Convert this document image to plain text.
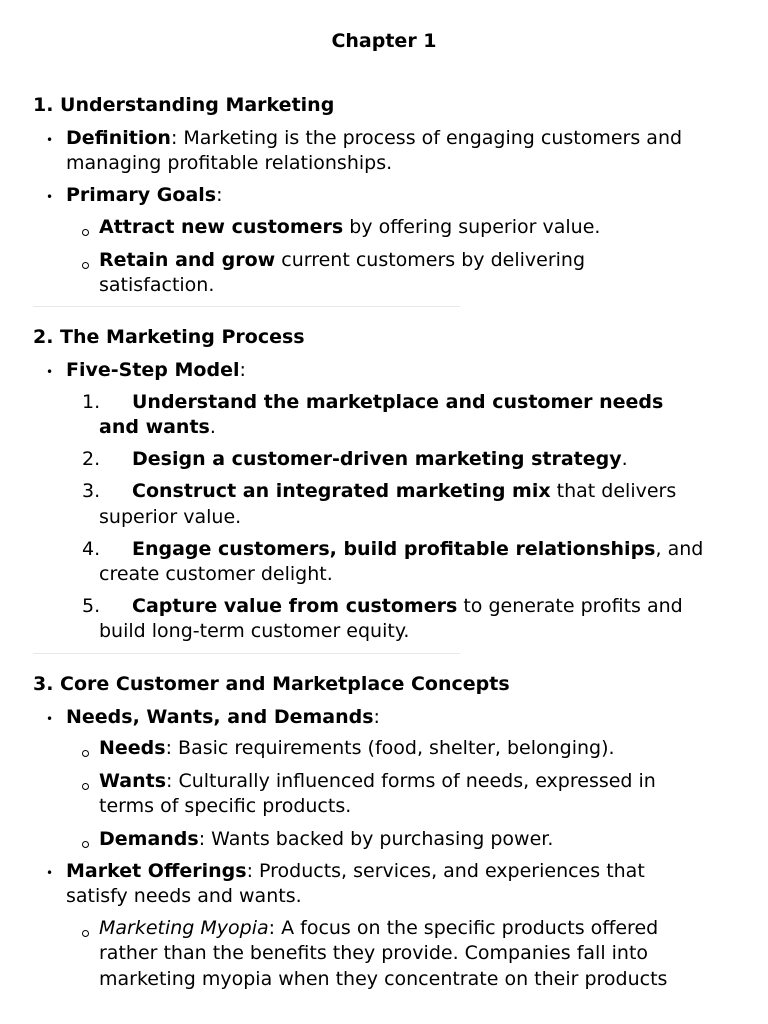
Chapter 1
1. Understanding Marketing
• Definition: Marketing is the process of engaging customers and
managing profitable relationships.
• Primary Goals:
Attract new customers by offering superior value.
Retain and grow current customers by delivering
satisfaction.
2. The Marketing Process
• Five-Step Model:
1. Understand the marketplace and customer needs
and wants.
2. Design a customer-driven marketing strategy.
3. Construct an integrated marketing mix that delivers
superior value.
4. Engage customers, build profitable relationships, and
create customer delight.
5. Capture value from customers to generate profits and
build long-term customer equity.
3. Core Customer and Marketplace Concepts
• Needs, Wants, and Demands:
Needs: Basic requirements (food, shelter, belonging).
Wants: Culturally influenced forms of needs, expressed in
terms of specific products.
Demands: Wants backed by purchasing power.
• Market Offerings: Products, services, and experiences that
satisfy needs and wants.
Marketing Myopia: A focus on the specific products offered
rather than the benefits they provide. Companies fall into
marketing myopia when they concentrate on their products
